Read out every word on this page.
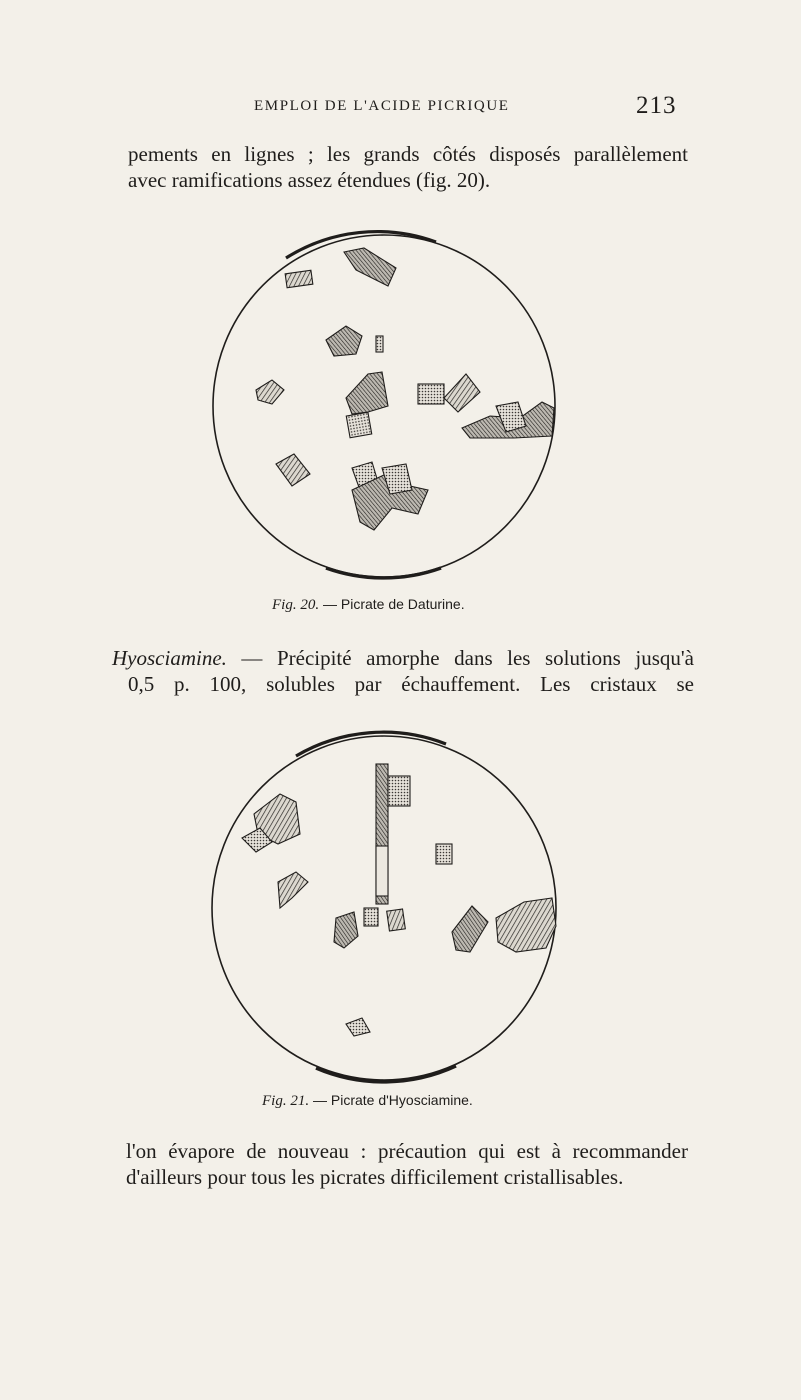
EMPLOI DE L'ACIDE PICRIQUE	213

pements en lignes ; les grands côtés disposés parallèlement
avec ramifications assez étendues (fig. 20).

Fig. 20. — Picrate de Daturine.

Hyosciamine. — Précipité amorphe dans les solutions jusqu'à
0,5 p. 100, solubles par échauffement. Les cristaux se

Fig. 21. — Picrate d'Hyosciamine.

l'on évapore de nouveau : précaution qui est à recommander
d'ailleurs pour tous les picrates difficilement cristallisables.
